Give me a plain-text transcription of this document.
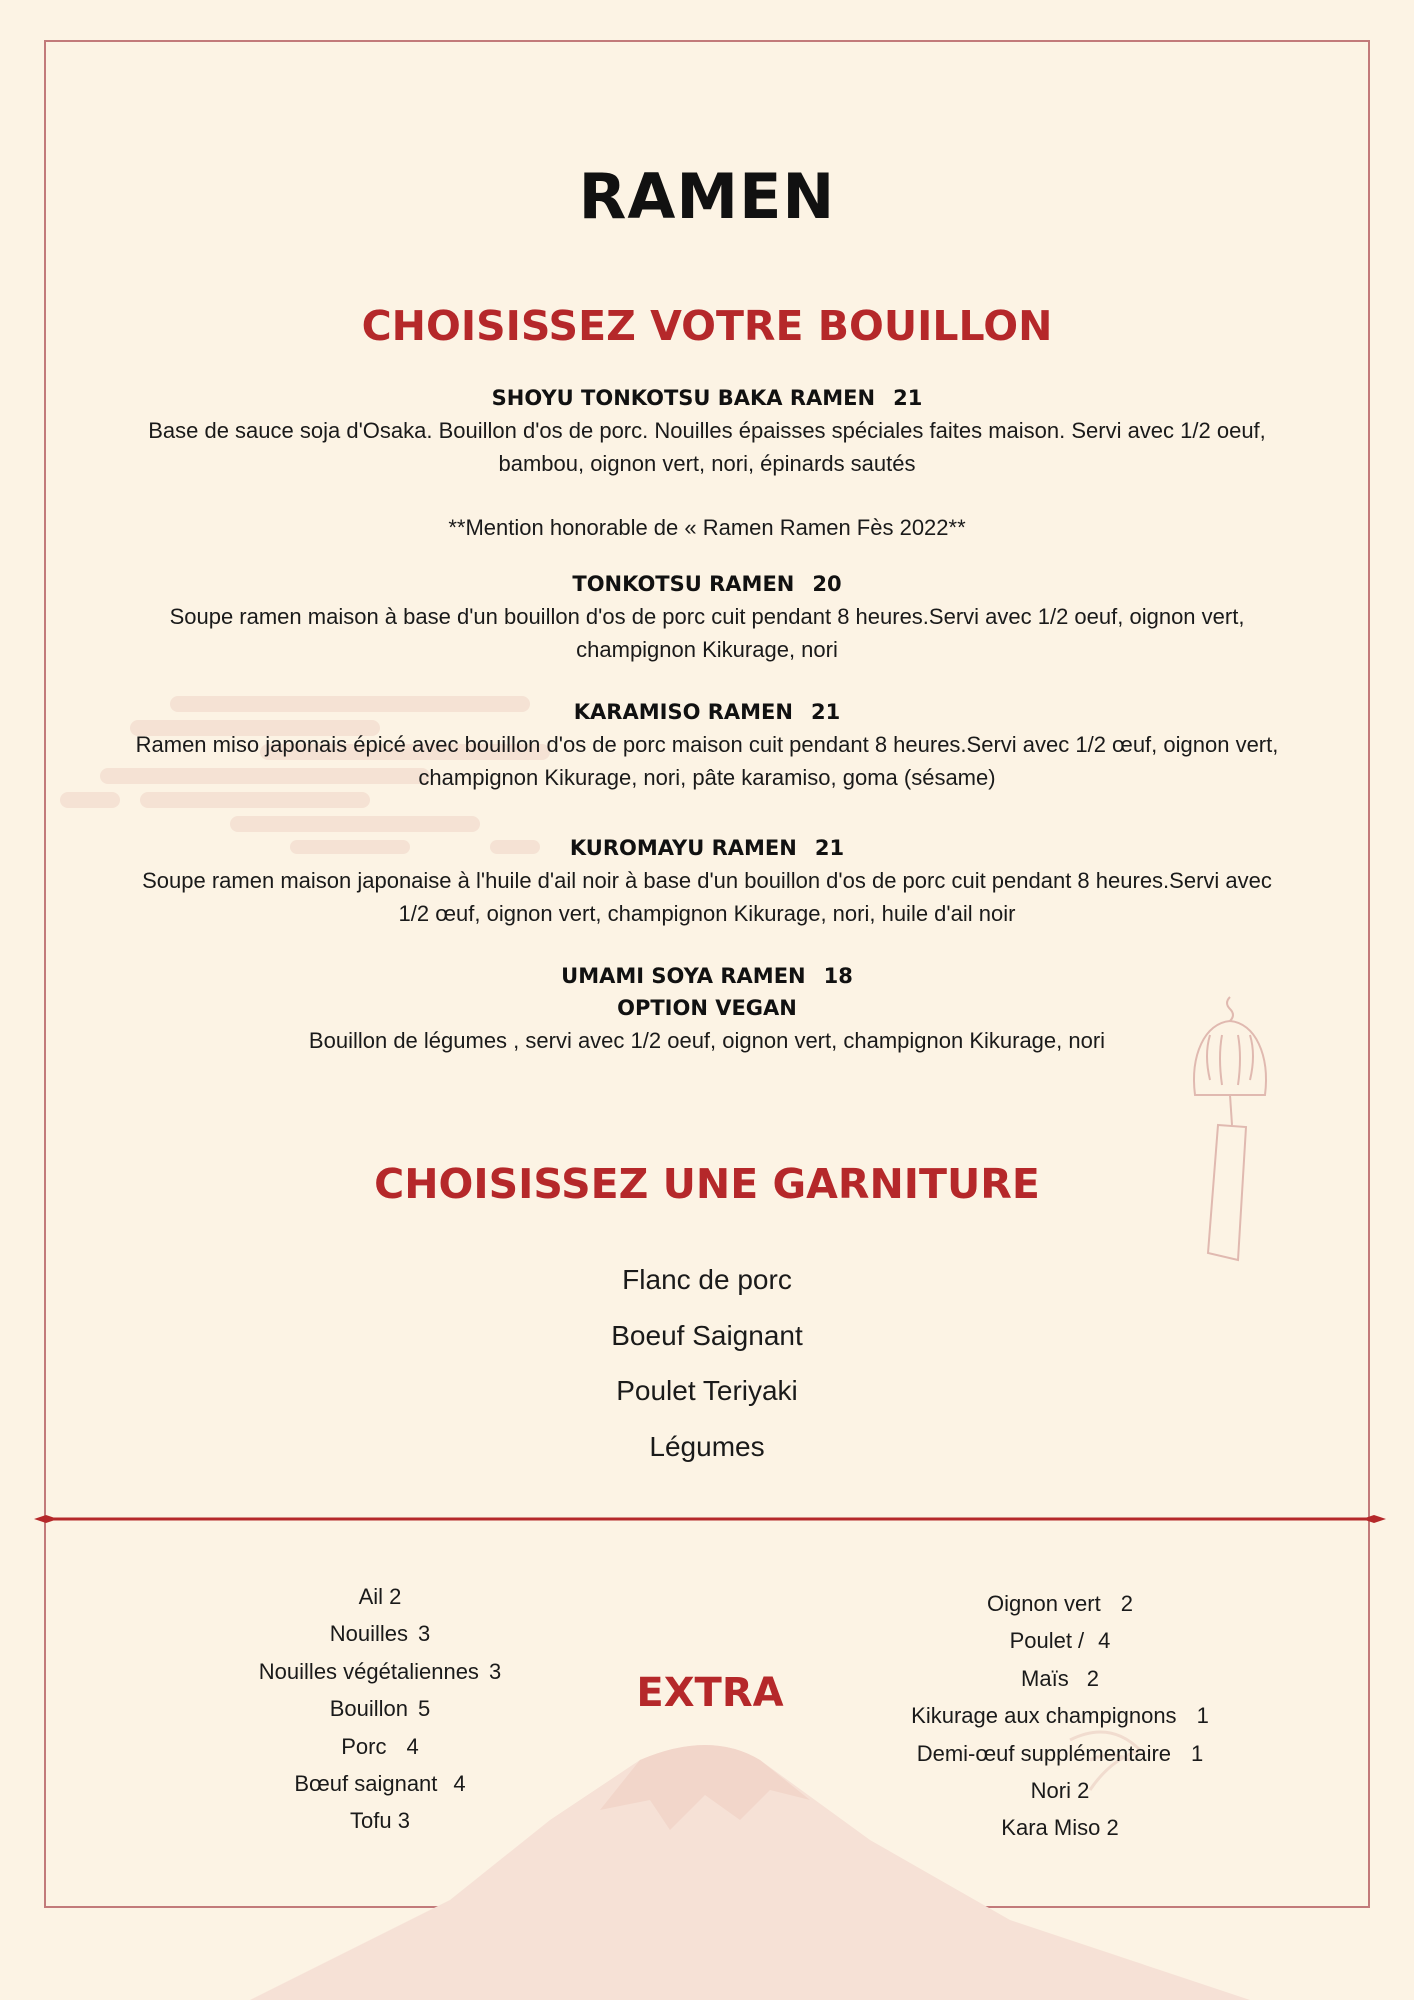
RAMEN
CHOISISSEZ VOTRE BOUILLON
SHOYU TONKOTSU BAKA RAMEN 21
Base de sauce soja d'Osaka. Bouillon d'os de porc. Nouilles épaisses spéciales faites maison. Servi avec 1/2 oeuf, bambou, oignon vert, nori, épinards sautés
**Mention honorable de « Ramen Ramen Fès 2022**
TONKOTSU RAMEN 20
Soupe ramen maison à base d'un bouillon d'os de porc cuit pendant 8 heures.Servi avec 1/2 oeuf, oignon vert, champignon Kikurage, nori
KARAMISO RAMEN 21
Ramen miso japonais épicé avec bouillon d'os de porc maison cuit pendant 8 heures.Servi avec 1/2 œuf, oignon vert, champignon Kikurage, nori, pâte karamiso, goma (sésame)
KUROMAYU RAMEN 21
Soupe ramen maison japonaise à l'huile d'ail noir à base d'un bouillon d'os de porc cuit pendant 8 heures.Servi avec 1/2 œuf, oignon vert, champignon Kikurage, nori, huile d'ail noir
UMAMI SOYA RAMEN 18
OPTION VEGAN
Bouillon de légumes , servi avec 1/2 oeuf, oignon vert, champignon Kikurage, nori
CHOISISSEZ UNE GARNITURE
Flanc de porc
Boeuf Saignant
Poulet Teriyaki
Légumes
Ail 2
Nouilles 3
Nouilles végétaliennes 3
Bouillon 5
Porc 4
Bœuf saignant 4
Tofu 3
EXTRA
Oignon vert 2
Poulet / 4
Maïs 2
Kikurage aux champignons 1
Demi-œuf supplémentaire 1
Nori 2
Kara Miso 2
